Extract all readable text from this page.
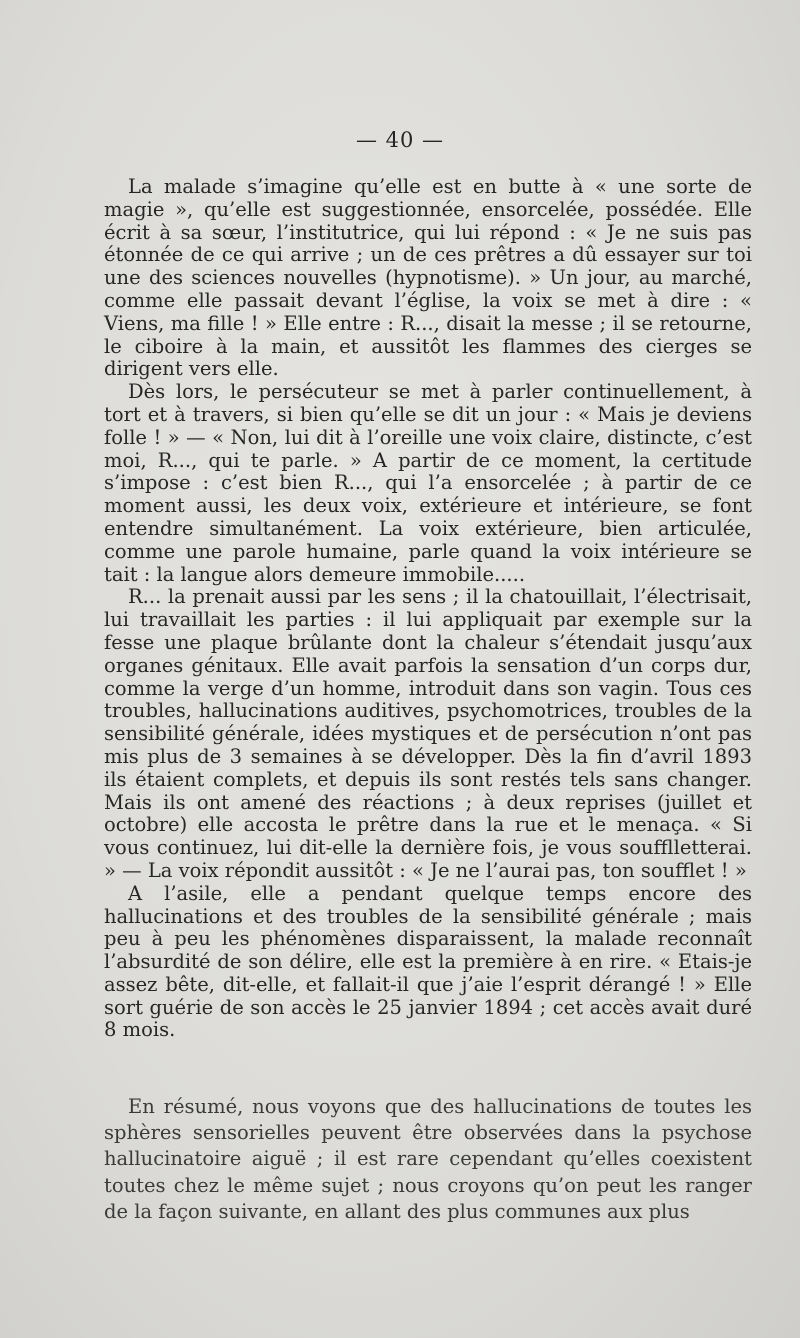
— 40 —

La malade s’imagine qu’elle est en butte à « une sorte de magie », qu’elle est suggestionnée, ensorcelée, possédée. Elle écrit à sa sœur, l’institutrice, qui lui répond : « Je ne suis pas étonnée de ce qui arrive ; un de ces prêtres a dû essayer sur toi une des sciences nouvelles (hypnotisme). » Un jour, au marché, comme elle passait devant l’église, la voix se met à dire : « Viens, ma fille ! » Elle entre : R..., disait la messe ; il se retourne, le ciboire à la main, et aussitôt les flammes des cierges se dirigent vers elle.

Dès lors, le persécuteur se met à parler continuellement, à tort et à travers, si bien qu’elle se dit un jour : « Mais je deviens folle ! » — « Non, lui dit à l’oreille une voix claire, distincte, c’est moi, R..., qui te parle. » A partir de ce moment, la certitude s’impose : c’est bien R..., qui l’a ensorcelée ; à partir de ce moment aussi, les deux voix, extérieure et intérieure, se font entendre simultanément. La voix extérieure, bien articulée, comme une parole humaine, parle quand la voix intérieure se tait : la langue alors demeure immobile.....

R... la prenait aussi par les sens ; il la chatouillait, l’électrisait, lui travaillait les parties : il lui appliquait par exemple sur la fesse une plaque brûlante dont la chaleur s’étendait jusqu’aux organes génitaux. Elle avait parfois la sensation d’un corps dur, comme la verge d’un homme, introduit dans son vagin. Tous ces troubles, hallucinations auditives, psychomotrices, troubles de la sensibilité générale, idées mystiques et de persécution n’ont pas mis plus de 3 semaines à se développer. Dès la fin d’avril 1893 ils étaient complets, et depuis ils sont restés tels sans changer. Mais ils ont amené des réactions ; à deux reprises (juillet et octobre) elle accosta le prêtre dans la rue et le menaça. « Si vous continuez, lui dit-elle la dernière fois, je vous soufflletterai. » — La voix répondit aussitôt : « Je ne l’aurai pas, ton soufflet ! »

A l’asile, elle a pendant quelque temps encore des hallucinations et des troubles de la sensibilité générale ; mais peu à peu les phénomènes disparaissent, la malade reconnaît l’absurdité de son délire, elle est la première à en rire. « Etais-je assez bête, dit-elle, et fallait-il que j’aie l’esprit dérangé ! » Elle sort guérie de son accès le 25 janvier 1894 ; cet accès avait duré 8 mois.

En résumé, nous voyons que des hallucinations de toutes les sphères sensorielles peuvent être observées dans la psychose hallucinatoire aiguë ; il est rare cependant qu’elles coexistent toutes chez le même sujet ; nous croyons qu’on peut les ranger de la façon suivante, en allant des plus communes aux plus
